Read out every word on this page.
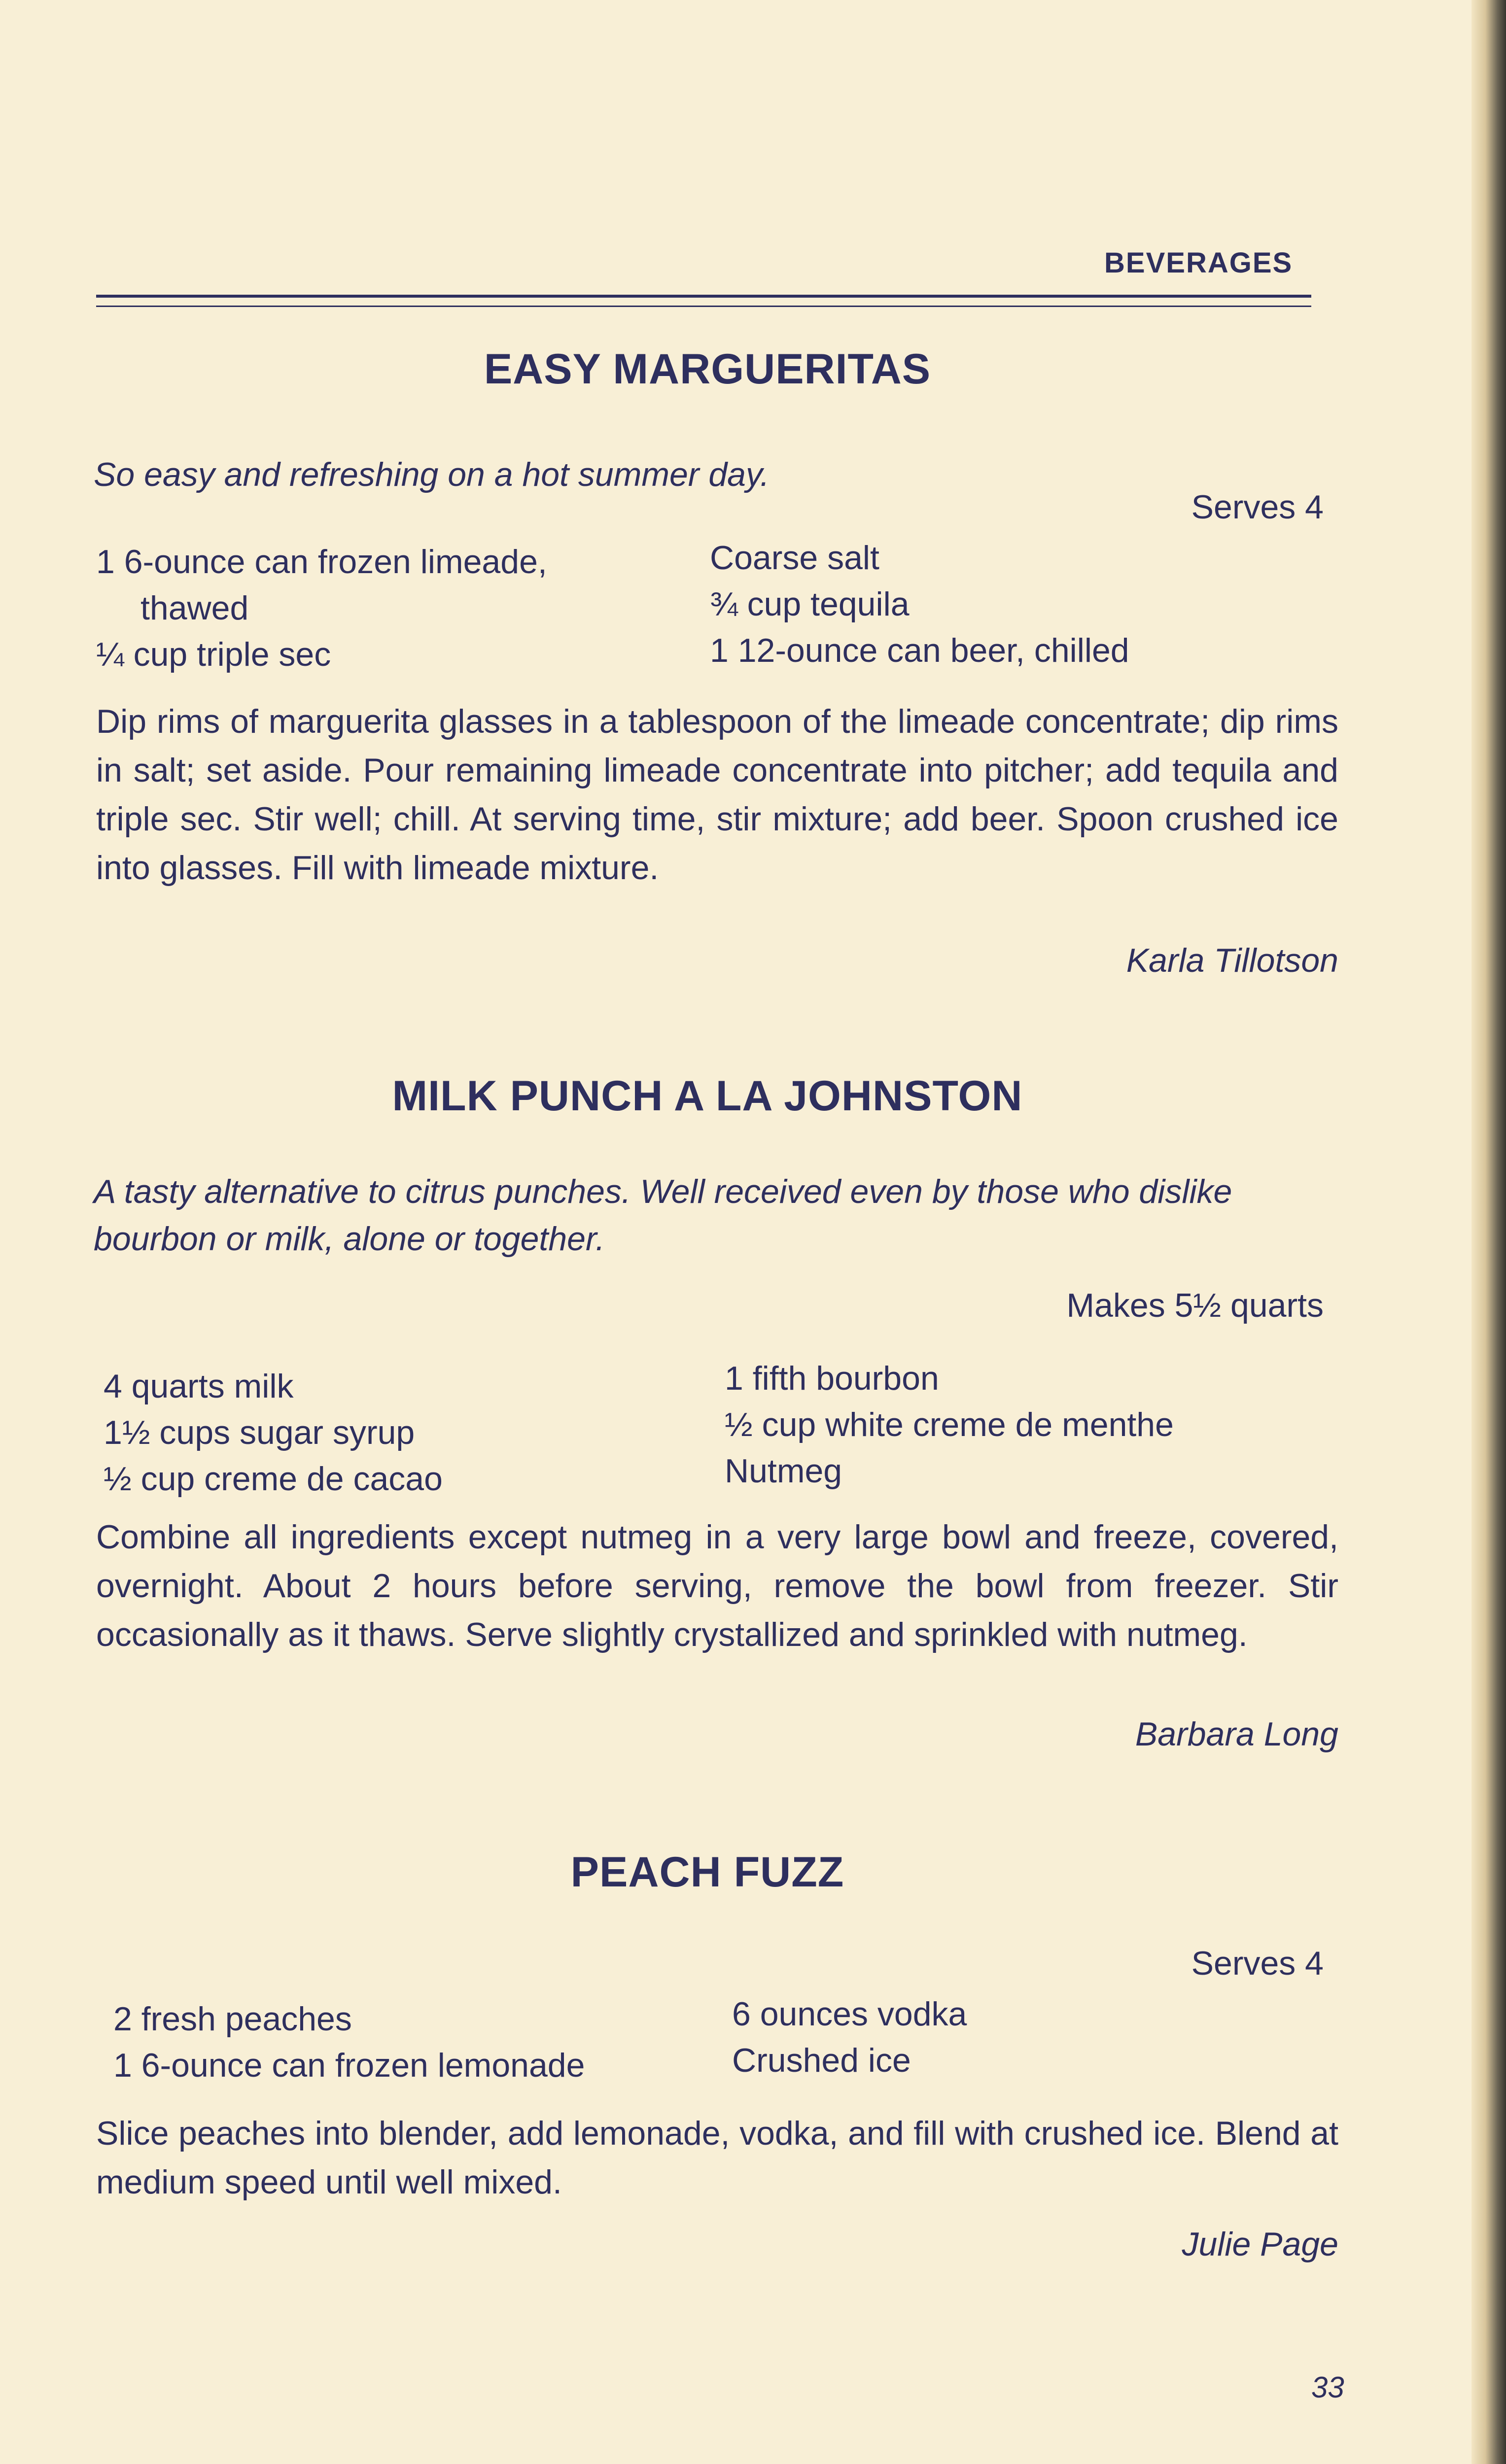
BEVERAGES
EASY MARGUERITAS
So easy and refreshing on a hot summer day.
Serves 4
1 6-ounce can frozen limeade,
thawed
¼ cup triple sec
Coarse salt
¾ cup tequila
1 12-ounce can beer, chilled
Dip rims of marguerita glasses in a tablespoon of the limeade concentrate; dip rims in salt; set aside. Pour remaining limeade concentrate into pitcher; add tequila and triple sec. Stir well; chill. At serving time, stir mixture; add beer. Spoon crushed ice into glasses. Fill with limeade mixture.
Karla Tillotson
MILK PUNCH A LA JOHNSTON
A tasty alternative to citrus punches. Well received even by those who dislike bourbon or milk, alone or together.
Makes 5½ quarts
4 quarts milk
1½ cups sugar syrup
½ cup creme de cacao
1 fifth bourbon
½ cup white creme de menthe
Nutmeg
Combine all ingredients except nutmeg in a very large bowl and freeze, covered, overnight. About 2 hours before serving, remove the bowl from freezer. Stir occasionally as it thaws. Serve slightly crystallized and sprinkled with nutmeg.
Barbara Long
PEACH FUZZ
Serves 4
2 fresh peaches
1 6-ounce can frozen lemonade
6 ounces vodka
Crushed ice
Slice peaches into blender, add lemonade, vodka, and fill with crushed ice. Blend at medium speed until well mixed.
Julie Page
33
